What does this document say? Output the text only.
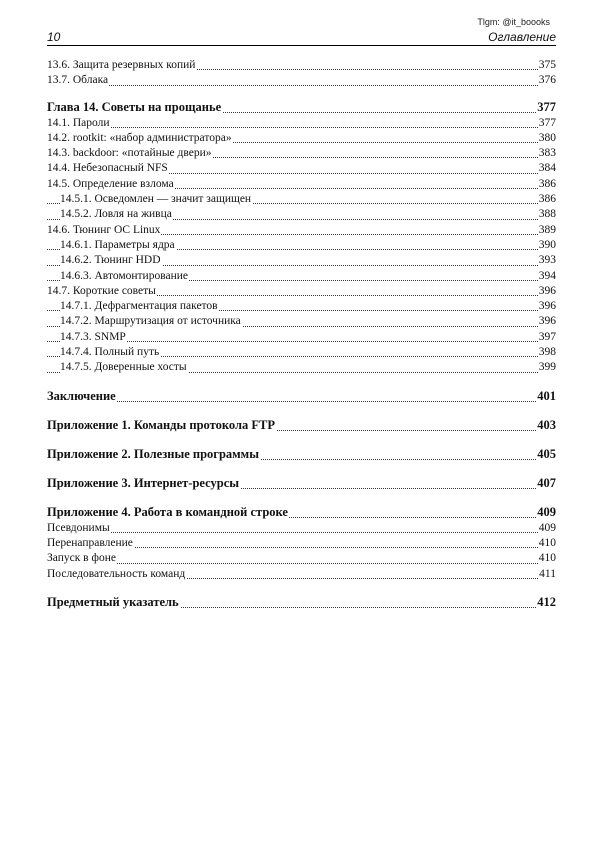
Tlgm: @it_boooks
10	Оглавление
13.6. Защита резервных копий	375
13.7. Облака	376
Глава 14. Советы на прощанье	377
14.1. Пароли	377
14.2. rootkit: «набор администратора»	380
14.3. backdoor: «потайные двери»	383
14.4. Небезопасный NFS	384
14.5. Определение взлома	386
14.5.1. Осведомлен — значит защищен	386
14.5.2. Ловля на живца	388
14.6. Тюнинг ОС Linux	389
14.6.1. Параметры ядра	390
14.6.2. Тюнинг HDD	393
14.6.3. Автомонтирование	394
14.7. Короткие советы	396
14.7.1. Дефрагментация пакетов	396
14.7.2. Маршрутизация от источника	396
14.7.3. SNMP	397
14.7.4. Полный путь	398
14.7.5. Доверенные хосты	399
Заключение	401
Приложение 1. Команды протокола FTP	403
Приложение 2. Полезные программы	405
Приложение 3. Интернет-ресурсы	407
Приложение 4. Работа в командной строке	409
Псевдонимы	409
Перенаправление	410
Запуск в фоне	410
Последовательность команд	411
Предметный указатель	412
